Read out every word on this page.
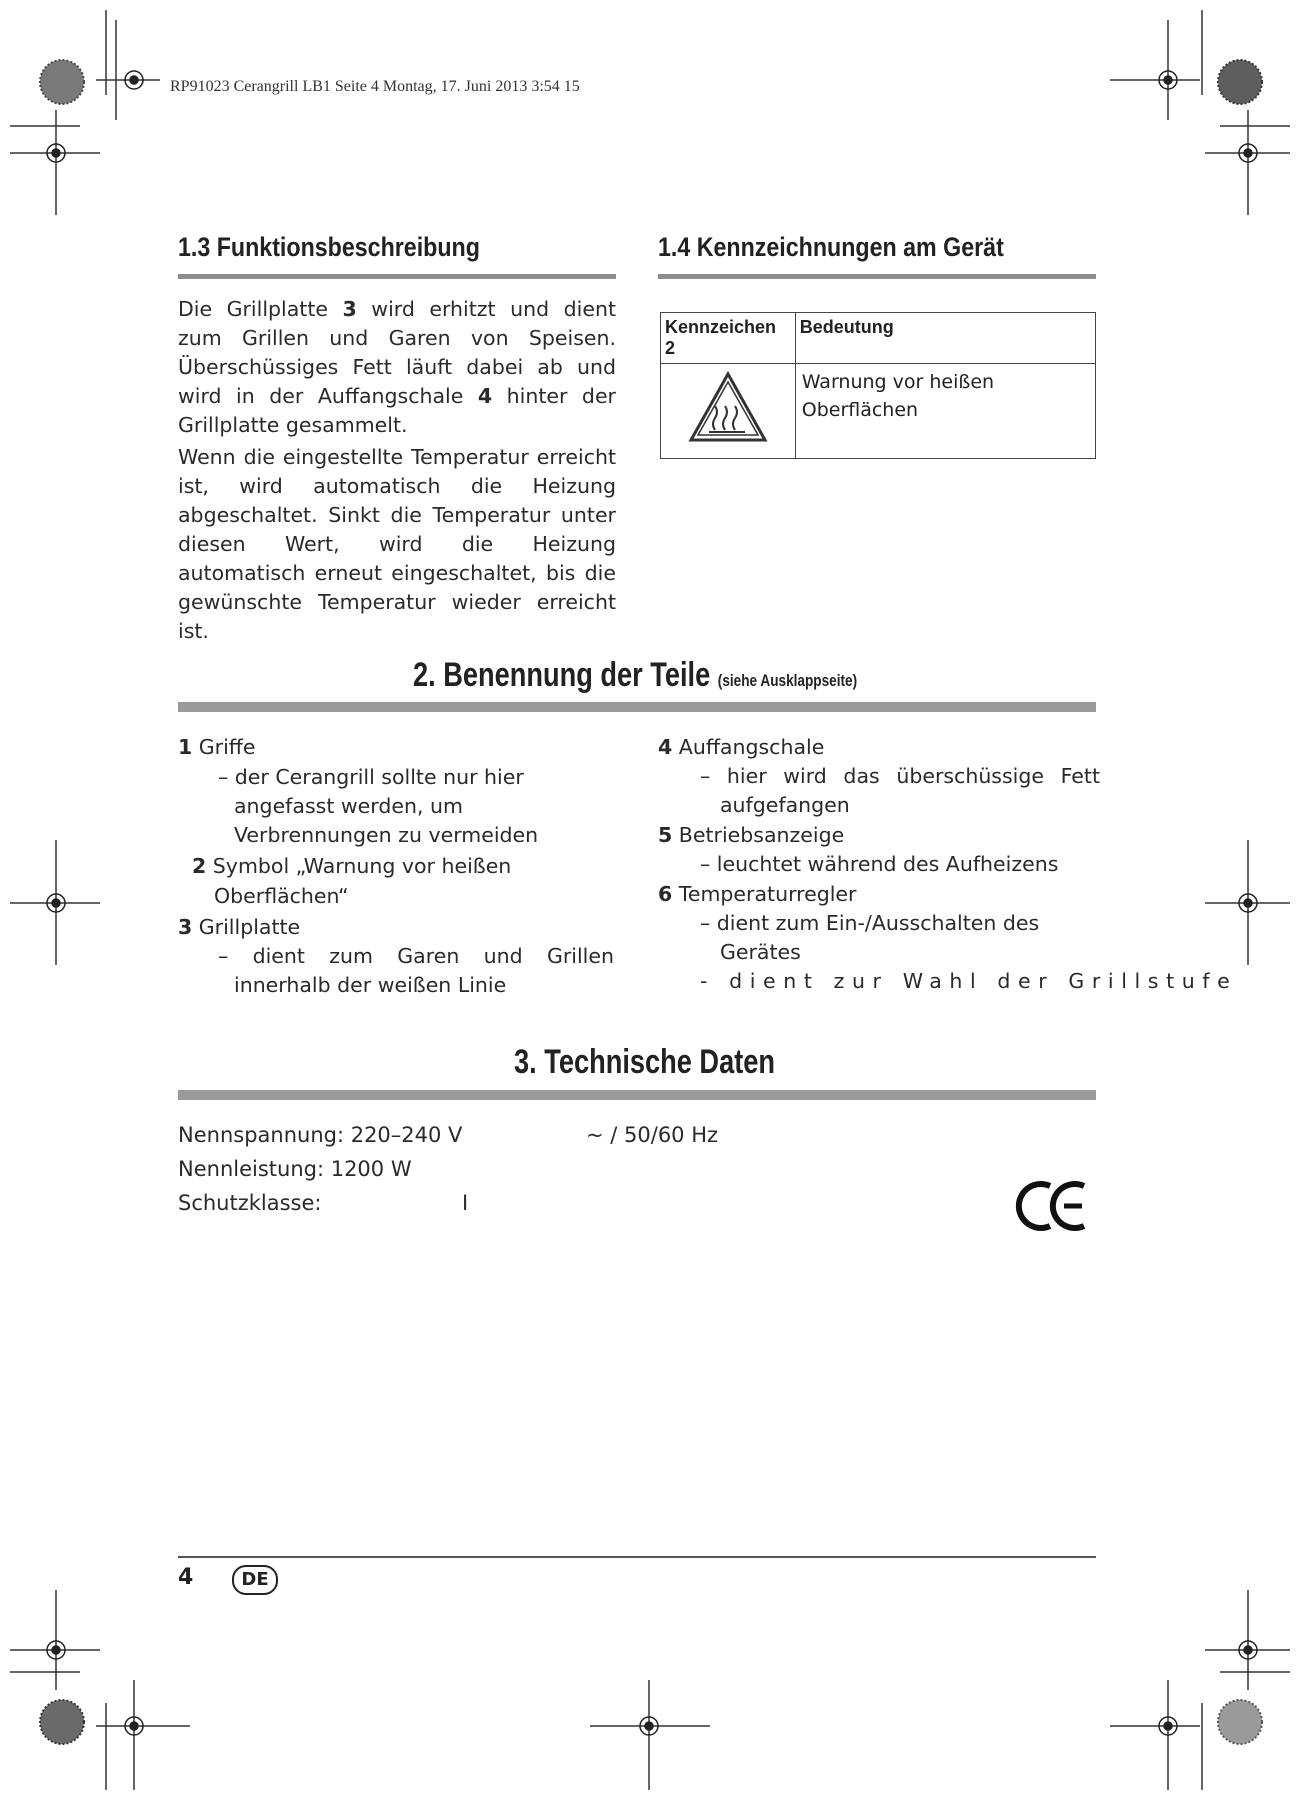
RP91023 Cerangrill LB1 Seite 4 Montag, 17. Juni 2013 3:54 15
1.3 Funktionsbeschreibung
Die Grillplatte 3 wird erhitzt und dient zum Grillen und Garen von Speisen. Überschüssiges Fett läuft dabei ab und wird in der Auffangschale 4 hinter der Grillplatte gesammelt.
Wenn die eingestellte Temperatur erreicht ist, wird automatisch die Heizung abgeschaltet. Sinkt die Temperatur unter diesen Wert, wird die Heizung automatisch erneut eingeschaltet, bis die gewünschte Temperatur wieder erreicht ist.
1.4 Kennzeichnungen am Gerät
Kennzeichen 2	Bedeutung
	Warnung vor heißen Oberflächen
2. Benennung der Teile (siehe Ausklappseite)
1 Griffe
– der Cerangrill sollte nur hier angefasst werden, um Verbrennungen zu vermeiden
2 Symbol „Warnung vor heißen Oberflächen“
3 Grillplatte
– dient zum Garen und Grillen innerhalb der weißen Linie
4 Auffangschale
– hier wird das überschüssige Fett aufgefangen
5 Betriebsanzeige
– leuchtet während des Aufheizens
6 Temperaturregler
– dient zum Ein-/Ausschalten des Gerätes
- dient zur Wahl der Grillstufe
3. Technische Daten
Nennspannung: 220–240 V	~ / 50/60 Hz
Nennleistung: 1200 W
Schutzklasse:	I
4	DE
